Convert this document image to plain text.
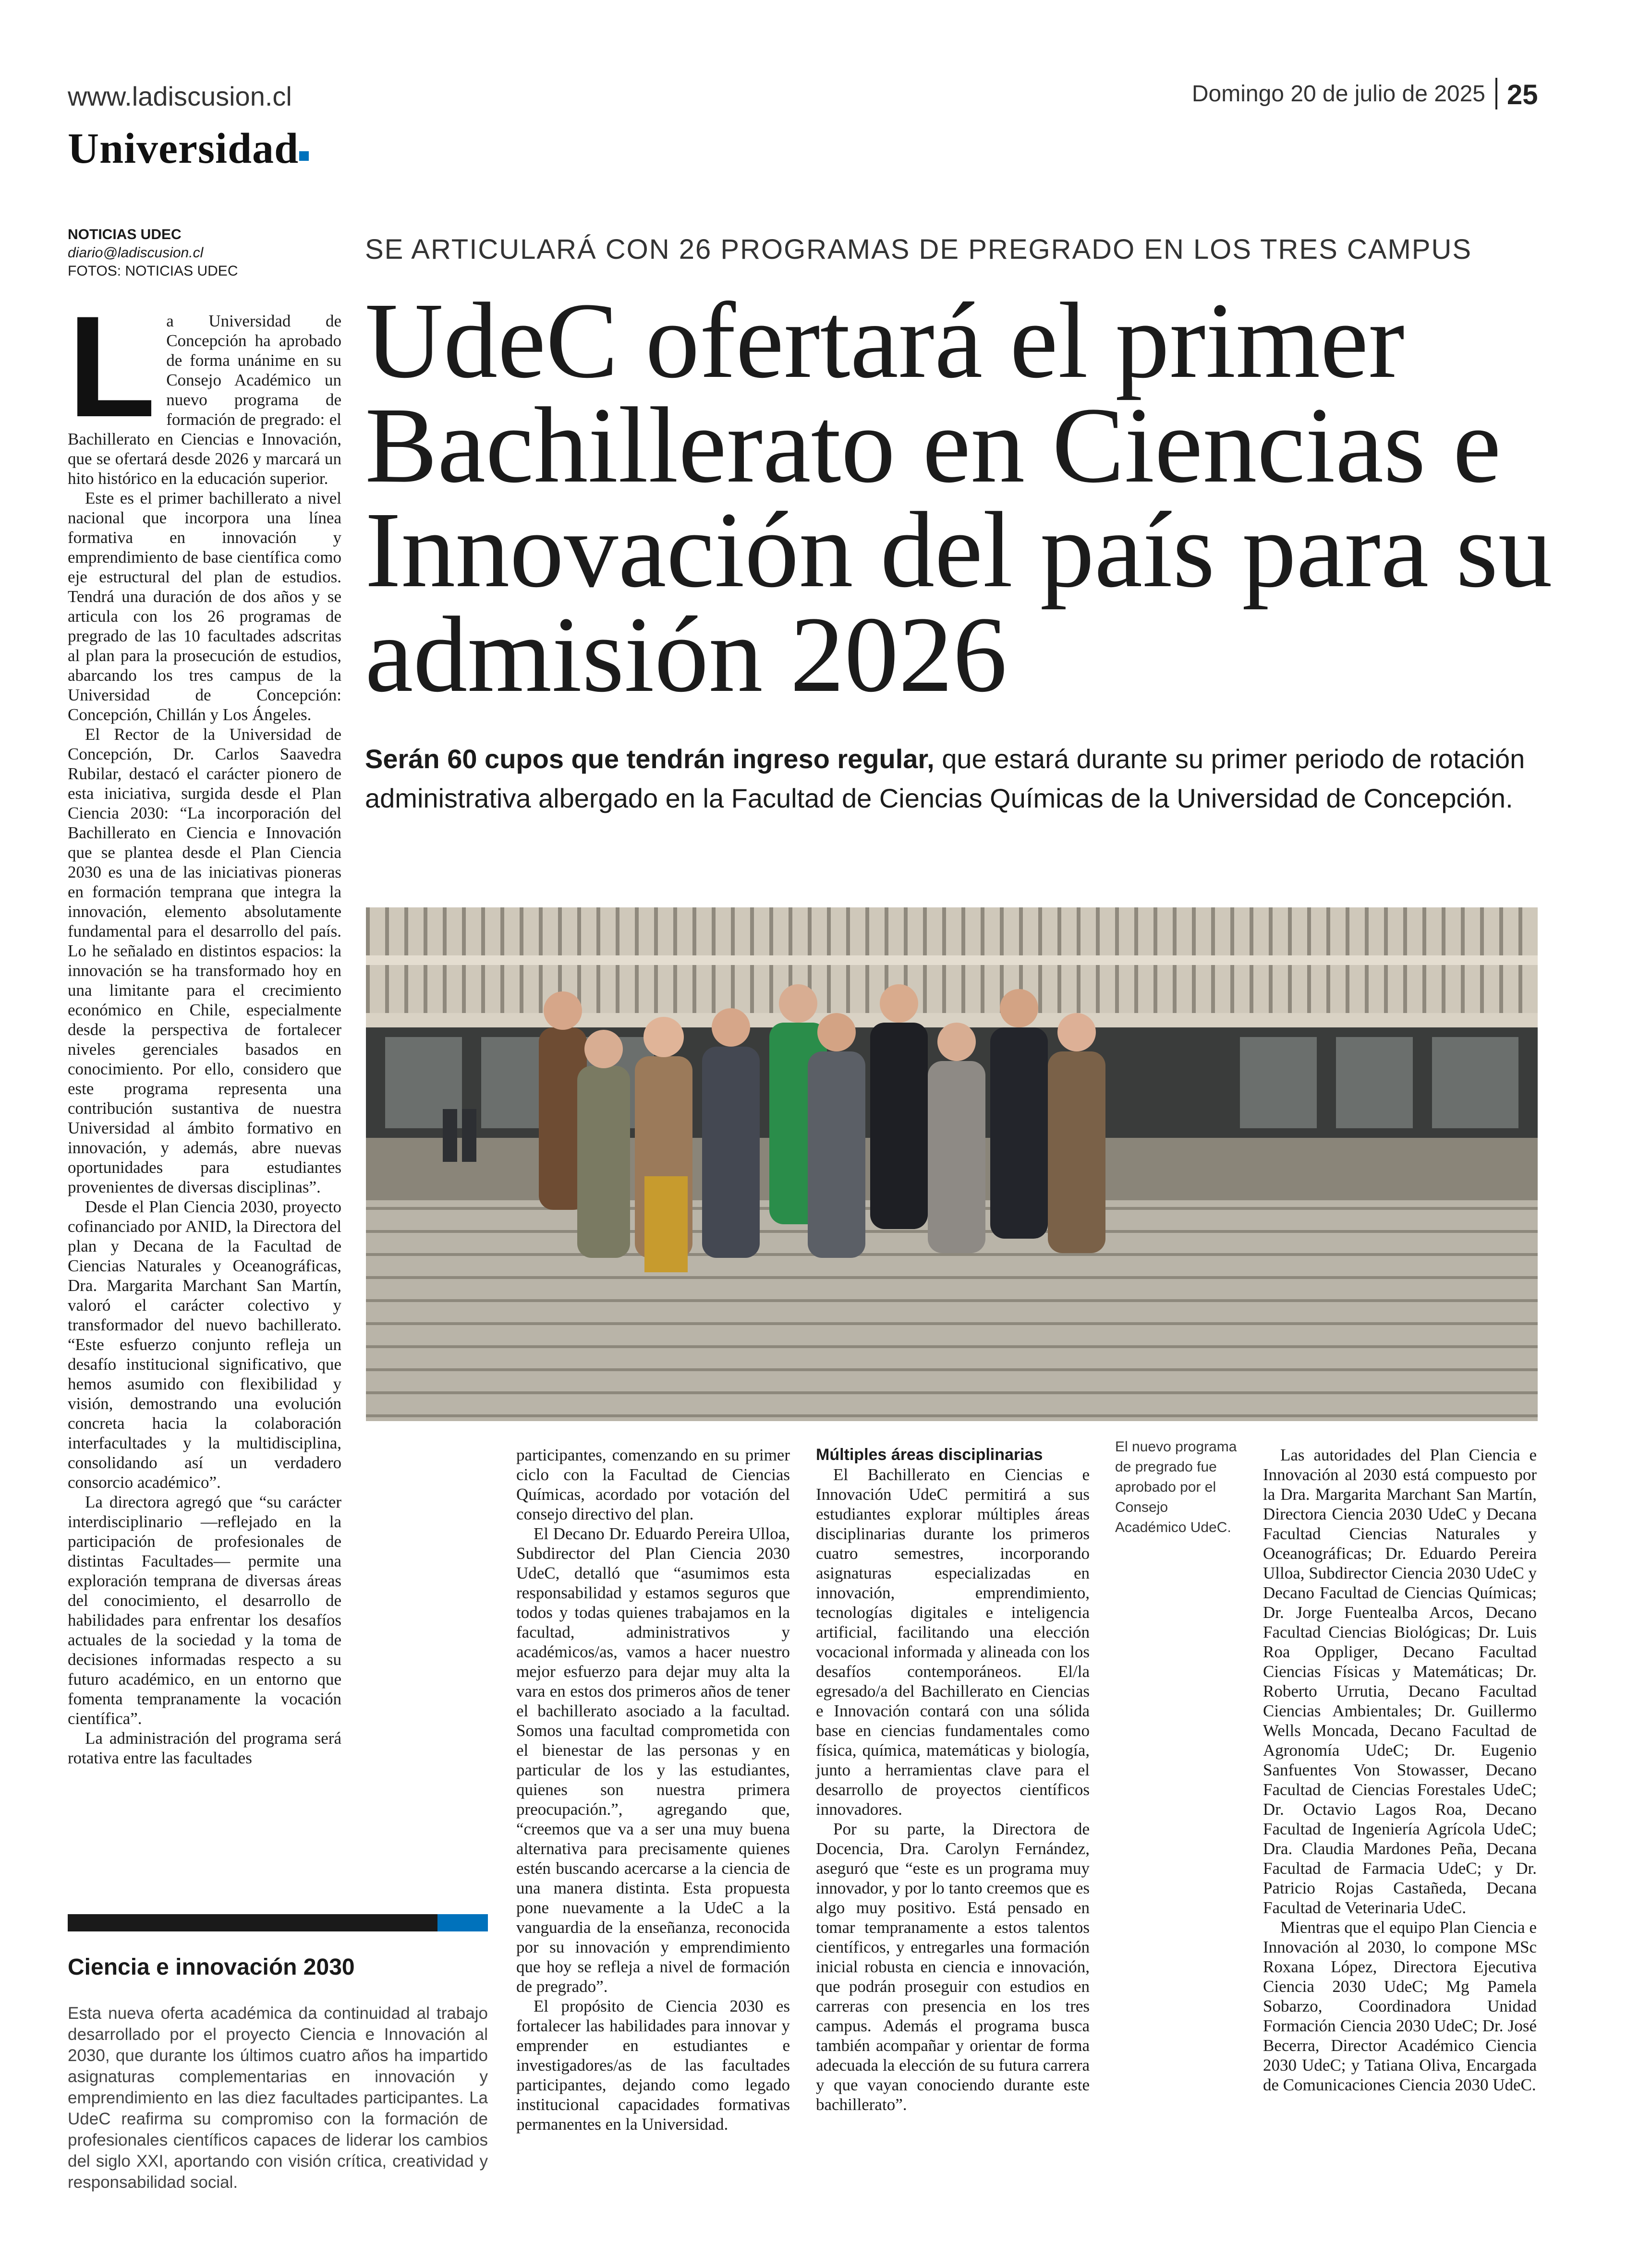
www.ladiscusion.cl	Domingo 20 de julio de 2025 25
Universidad
NOTICIAS UDEC
diario@ladiscusion.cl
FOTOS: NOTICIAS UDEC
SE ARTICULARÁ CON 26 PROGRAMAS DE PREGRADO EN LOS TRES CAMPUS
UdeC ofertará el primer Bachillerato en Ciencias e Innovación del país para su admisión 2026
Serán 60 cupos que tendrán ingreso regular, que estará durante su primer periodo de rotación administrativa albergado en la Facultad de Ciencias Químicas de la Universidad de Concepción.
L a Universidad de Concepción ha aprobado de forma unánime en su Consejo Académico un nuevo programa de formación de pregrado: el Bachillerato en Ciencias e Innovación, que se ofertará desde 2026 y marcará un hito histórico en la educación superior.

Este es el primer bachillerato a nivel nacional que incorpora una línea formativa en innovación y emprendimiento de base científica como eje estructural del plan de estudios. Tendrá una duración de dos años y se articula con los 26 programas de pregrado de las 10 facultades adscritas al plan para la prosecución de estudios, abarcando los tres campus de la Universidad de Concepción: Concepción, Chillán y Los Ángeles.

El Rector de la Universidad de Concepción, Dr. Carlos Saavedra Rubilar, destacó el carácter pionero de esta iniciativa, surgida desde el Plan Ciencia 2030: “La incorporación del Bachillerato en Ciencia e Innovación que se plantea desde el Plan Ciencia 2030 es una de las iniciativas pioneras en formación temprana que integra la innovación, elemento absolutamente fundamental para el desarrollo del país. Lo he señalado en distintos espacios: la innovación se ha transformado hoy en una limitante para el crecimiento económico en Chile, especialmente desde la perspectiva de fortalecer niveles gerenciales basados en conocimiento. Por ello, considero que este programa representa una contribución sustantiva de nuestra Universidad al ámbito formativo en innovación, y además, abre nuevas oportunidades para estudiantes provenientes de diversas disciplinas”.

Desde el Plan Ciencia 2030, proyecto cofinanciado por ANID, la Directora del plan y Decana de la Facultad de Ciencias Naturales y Oceanográficas, Dra. Margarita Marchant San Martín, valoró el carácter colectivo y transformador del nuevo bachillerato. “Este esfuerzo conjunto refleja un desafío institucional significativo, que hemos asumido con flexibilidad y visión, demostrando una evolución concreta hacia la colaboración interfacultades y la multidisciplina, consolidando así un verdadero consorcio académico”.

La directora agregó que “su carácter interdisciplinario —reflejado en la participación de profesionales de distintas Facultades— permite una exploración temprana de diversas áreas del conocimiento, el desarrollo de habilidades para enfrentar los desafíos actuales de la sociedad y la toma de decisiones informadas respecto a su futuro académico, en un entorno que fomenta tempranamente la vocación científica”.

La administración del programa será rotativa entre las facultades

El nuevo programa de pregrado fue aprobado por el Consejo Académico UdeC.

participantes, comenzando en su primer ciclo con la Facultad de Ciencias Químicas, acordado por votación del consejo directivo del plan.

El Decano Dr. Eduardo Pereira Ulloa, Subdirector del Plan Ciencia 2030 UdeC, detalló que “asumimos esta responsabilidad y estamos seguros que todos y todas quienes trabajamos en la facultad, administrativos y académicos/as, vamos a hacer nuestro mejor esfuerzo para dejar muy alta la vara en estos dos primeros años de tener el bachillerato asociado a la facultad. Somos una facultad comprometida con el bienestar de las personas y en particular de los y las estudiantes, quienes son nuestra primera preocupación.”, agregando que, “creemos que va a ser una muy buena alternativa para precisamente quienes estén buscando acercarse a la ciencia de una manera distinta. Esta propuesta pone nuevamente a la UdeC a la vanguardia de la enseñanza, reconocida por su innovación y emprendimiento que hoy se refleja a nivel de formación de pregrado”.

El propósito de Ciencia 2030 es fortalecer las habilidades para innovar y emprender en estudiantes e investigadores/as de las facultades participantes, dejando como legado institucional capacidades formativas permanentes en la Universidad.

Múltiples áreas disciplinarias

El Bachillerato en Ciencias e Innovación UdeC permitirá a sus estudiantes explorar múltiples áreas disciplinarias durante los primeros cuatro semestres, incorporando asignaturas especializadas en innovación, emprendimiento, tecnologías digitales e inteligencia artificial, facilitando una elección vocacional informada y alineada con los desafíos contemporáneos. El/la egresado/a del Bachillerato en Ciencias e Innovación contará con una sólida base en ciencias fundamentales como física, química, matemáticas y biología, junto a herramientas clave para el desarrollo de proyectos científicos innovadores.

Por su parte, la Directora de Docencia, Dra. Carolyn Fernández, aseguró que “este es un programa muy innovador, y por lo tanto creemos que es algo muy positivo. Está pensado en tomar tempranamente a estos talentos científicos, y entregarles una formación inicial robusta en ciencia e innovación, que podrán proseguir con estudios en carreras con presencia en los tres campus. Además el programa busca también acompañar y orientar de forma adecuada la elección de su futura carrera y que vayan conociendo durante este bachillerato”.

Las autoridades del Plan Ciencia e Innovación al 2030 está compuesto por la Dra. Margarita Marchant San Martín, Directora Ciencia 2030 UdeC y Decana Facultad Ciencias Naturales y Oceanográficas; Dr. Eduardo Pereira Ulloa, Subdirector Ciencia 2030 UdeC y Decano Facultad de Ciencias Químicas; Dr. Jorge Fuentealba Arcos, Decano Facultad Ciencias Biológicas; Dr. Luis Roa Oppliger, Decano Facultad Ciencias Físicas y Matemáticas; Dr. Roberto Urrutia, Decano Facultad Ciencias Ambientales; Dr. Guillermo Wells Moncada, Decano Facultad de Agronomía UdeC; Dr. Eugenio Sanfuentes Von Stowasser, Decano Facultad de Ciencias Forestales UdeC; Dr. Octavio Lagos Roa, Decano Facultad de Ingeniería Agrícola UdeC; Dra. Claudia Mardones Peña, Decana Facultad de Farmacia UdeC; y Dr. Patricio Rojas Castañeda, Decana Facultad de Veterinaria UdeC.

Mientras que el equipo Plan Ciencia e Innovación al 2030, lo compone MSc Roxana López, Directora Ejecutiva Ciencia 2030 UdeC; Mg Pamela Sobarzo, Coordinadora Unidad Formación Ciencia 2030 UdeC; Dr. José Becerra, Director Académico Ciencia 2030 UdeC; y Tatiana Oliva, Encargada de Comunicaciones Ciencia 2030 UdeC.

Ciencia e innovación 2030
Esta nueva oferta académica da continuidad al trabajo desarrollado por el proyecto Ciencia e Innovación al 2030, que durante los últimos cuatro años ha impartido asignaturas complementarias en innovación y emprendimiento en las diez facultades participantes. La UdeC reafirma su compromiso con la formación de profesionales científicos capaces de liderar los cambios del siglo XXI, aportando con visión crítica, creatividad y responsabilidad social.
